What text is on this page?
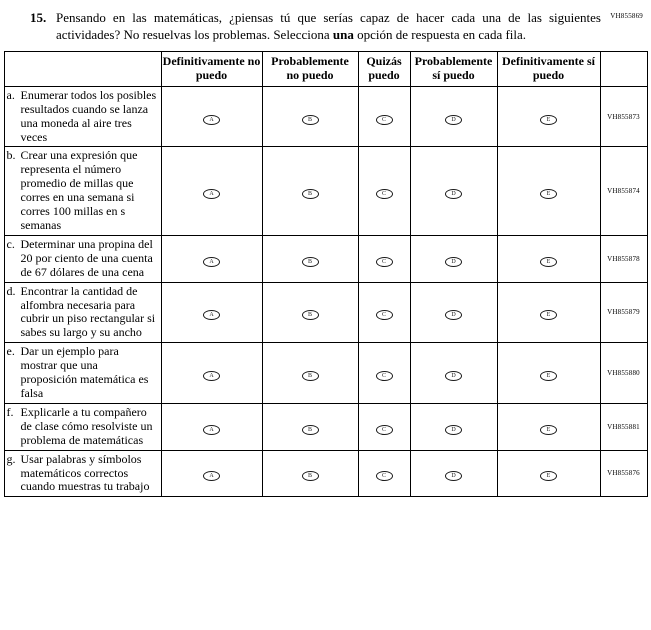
VH855869
15. Pensando en las matemáticas, ¿piensas tú que serías capaz de hacer cada una de las siguientes actividades? No resuelvas los problemas. Selecciona una opción de respuesta en cada fila.
	Definitivamente no puedo	Probablemente no puedo	Quizás puedo	Probablemente sí puedo	Definitivamente sí puedo	

a. Enumerar todos los posibles resultados cuando se lanza una moneda al aire tres veces	A	B	C	D	E	VH855873

b. Crear una expresión que representa el número promedio de millas que corres en una semana si corres 100 millas en s semanas	A	B	C	D	E	VH855874

c. Determinar una propina del 20 por ciento de una cuenta de 67 dólares de una cena	A	B	C	D	E	VH855878

d. Encontrar la cantidad de alfombra necesaria para cubrir un piso rectangular si sabes su largo y su ancho	A	B	C	D	E	VH855879

e. Dar un ejemplo para mostrar que una proposición matemática es falsa	A	B	C	D	E	VH855880

f. Explicarle a tu compañero de clase cómo resolviste un problema de matemáticas	A	B	C	D	E	VH855881

g. Usar palabras y símbolos matemáticos correctos cuando muestras tu trabajo	A	B	C	D	E	VH855876
